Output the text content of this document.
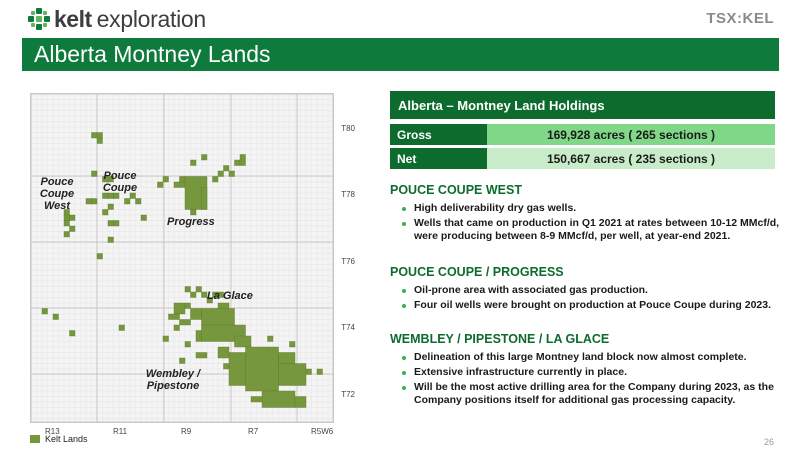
kelt exploration	TSX:KEL
Alberta Montney Lands
T80
T78
T76
T74
T72
R13	R11	R9	R7	R5W6
Pouce Coupe West
Pouce Coupe
Progress
La Glace
Wembley / Pipestone
Kelt Lands
Alberta – Montney Land Holdings
Gross	169,928 acres ( 265 sections )
Net	150,667 acres ( 235 sections )
POUCE COUPE WEST
High deliverability dry gas wells.
Wells that came on production in Q1 2021 at rates between 10-12 MMcf/d, were producing between 8-9 MMcf/d, per well, at year-end 2021.
POUCE COUPE / PROGRESS
Oil-prone area with associated gas production.
Four oil wells were brought on production at Pouce Coupe during 2023.
WEMBLEY / PIPESTONE / LA GLACE
Delineation of this large Montney land block now almost complete.
Extensive infrastructure currently in place.
Will be the most active drilling area for the Company during 2023, as the Company positions itself for additional gas processing capacity.
26
